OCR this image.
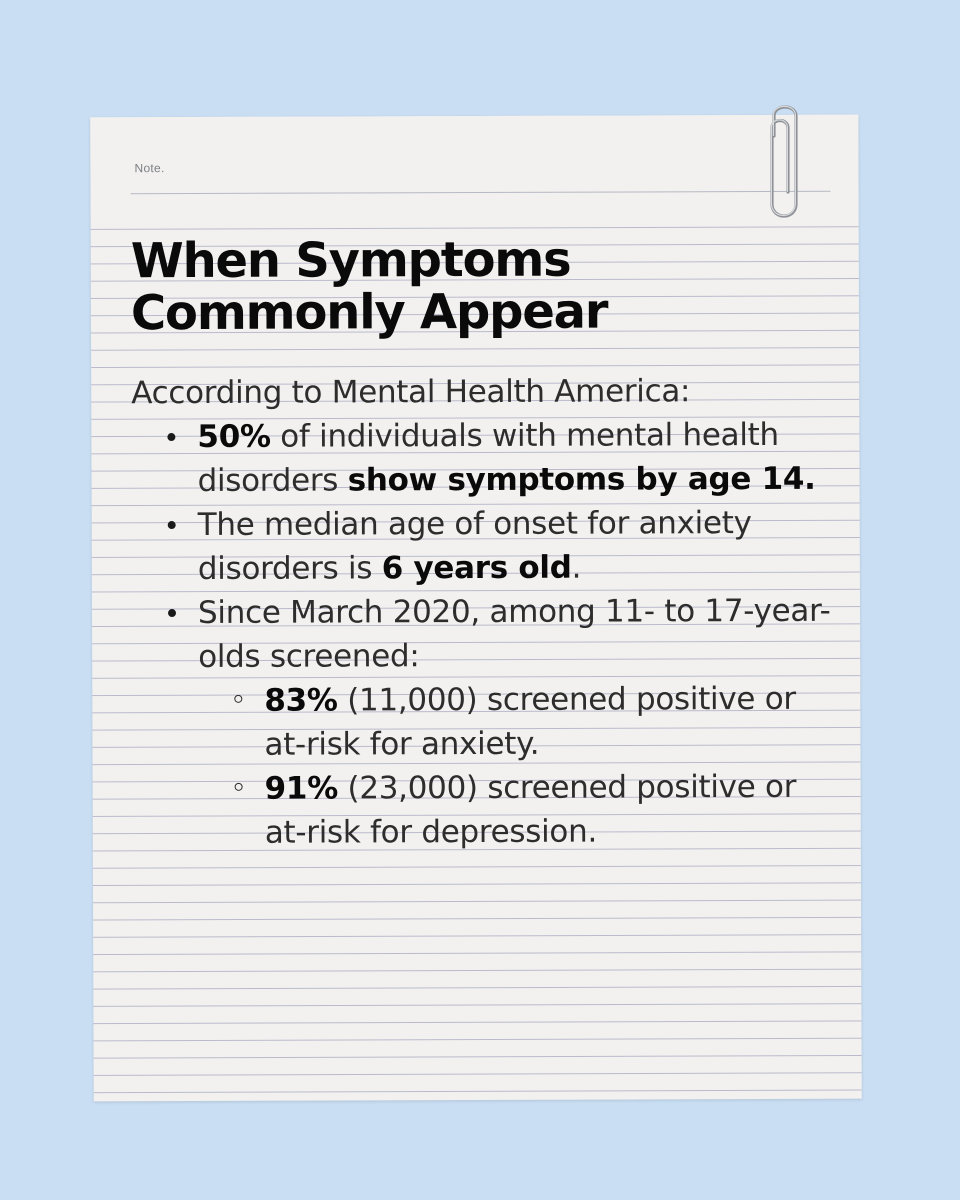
Note.
When Symptoms
Commonly Appear
According to Mental Health America:
50% of individuals with mental health disorders show symptoms by age 14.
The median age of onset for anxiety disorders is 6 years old.
Since March 2020, among 11- to 17-year-olds screened:
83% (11,000) screened positive or at-risk for anxiety.
91% (23,000) screened positive or at-risk for depression.
